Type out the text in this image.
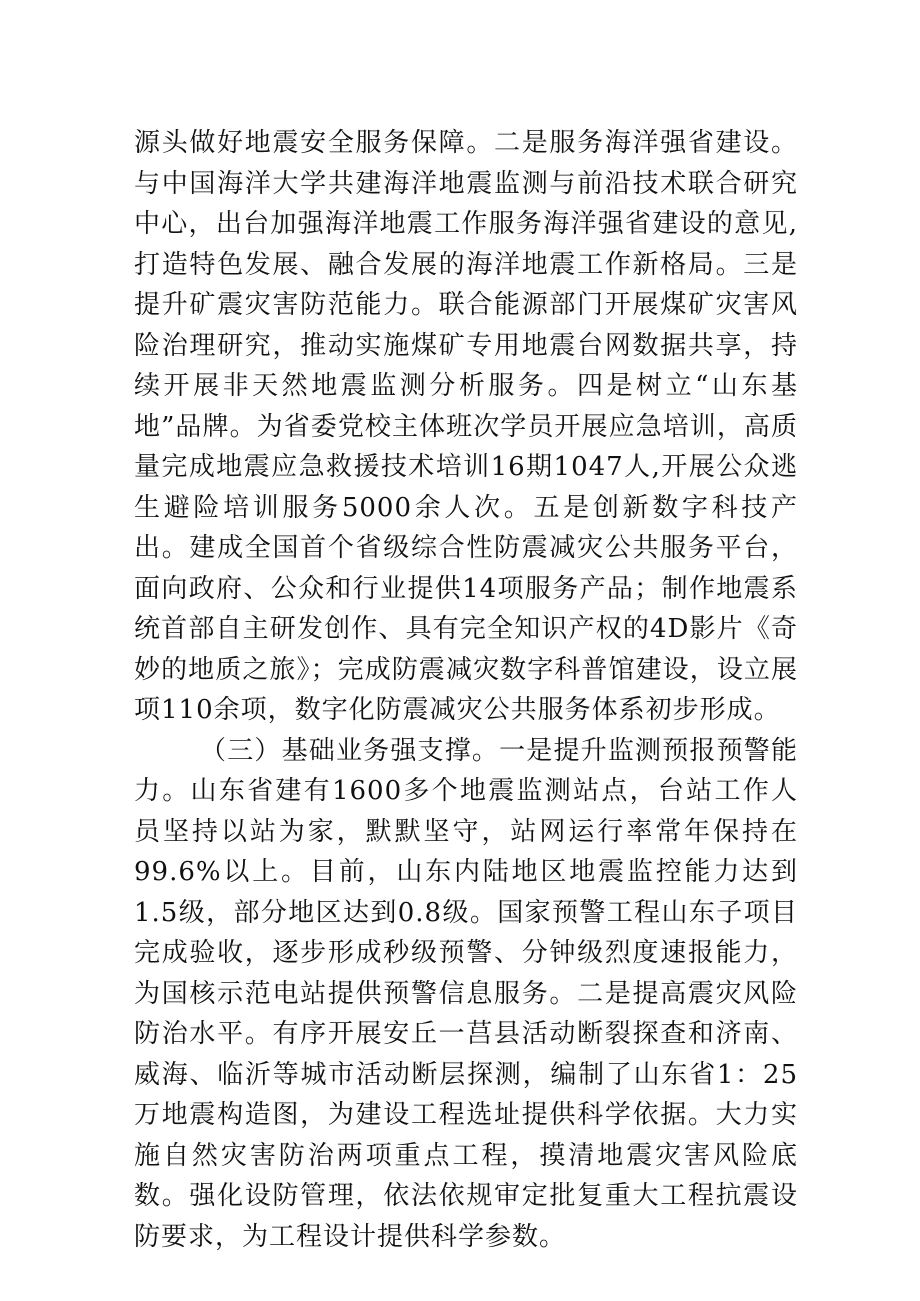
源头做好地震安全服务保障。二是服务海洋强省建设。与中国海洋大学共建海洋地震监测与前沿技术联合研究中心，出台加强海洋地震工作服务海洋强省建设的意见,打造特色发展、融合发展的海洋地震工作新格局。三是提升矿震灾害防范能力。联合能源部门开展煤矿灾害风险治理研究，推动实施煤矿专用地震台网数据共享，持续开展非天然地震监测分析服务。四是树立“山东基地”品牌。为省委党校主体班次学员开展应急培训，高质量完成地震应急救援技术培训16期1047人,开展公众逃生避险培训服务5000余人次。五是创新数字科技产出。建成全国首个省级综合性防震减灾公共服务平台，面向政府、公众和行业提供14项服务产品；制作地震系统首部自主研发创作、具有完全知识产权的4D影片《奇妙的地质之旅》；完成防震减灾数字科普馆建设，设立展项110余项，数字化防震减灾公共服务体系初步形成。

（三）基础业务强支撑。一是提升监测预报预警能力。山东省建有1600多个地震监测站点，台站工作人员坚持以站为家，默默坚守，站网运行率常年保持在99.6%以上。目前，山东内陆地区地震监控能力达到1.5级，部分地区达到0.8级。国家预警工程山东子项目完成验收，逐步形成秒级预警、分钟级烈度速报能力，为国核示范电站提供预警信息服务。二是提高震灾风险防治水平。有序开展安丘一莒县活动断裂探查和济南、威海、临沂等城市活动断层探测，编制了山东省1：25万地震构造图，为建设工程选址提供科学依据。大力实施自然灾害防治两项重点工程，摸清地震灾害风险底数。强化设防管理，依法依规审定批复重大工程抗震设防要求，为工程设计提供科学参数。
